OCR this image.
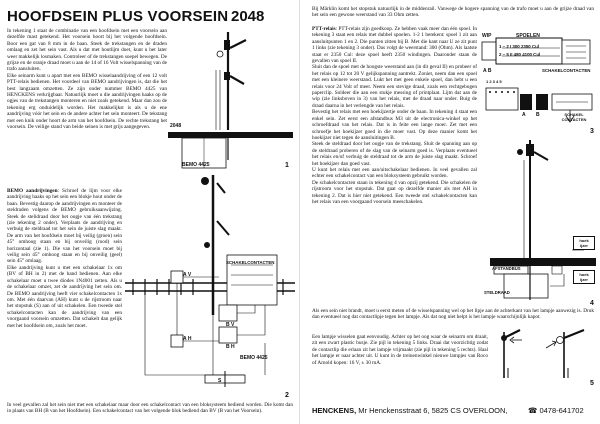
HOOFDSEIN PLUS VOORSEIN 2048

In tekening 1 staat de combinatie van een hoofdsein met een voorsein aan dezelfde mast getekend. Het voorsein hoort bij het volgende hoofdsein. Boor een gat van 8 mm in de baan. Steek de trekstangen en de draden omlaag en zet het sein vast. Als u dat met houtlijm doet, kunt u het later weer makkelijk losmaken. Controleer of de trekstangen soepel bewegen. De grijze en de oranje draad moet u aan de 14 of 16 Volt wisselspanning van de trafo aansluiten.

Elke seinarm kunt u apart met een BEMO wisselaandrijving of een 12 volt PTT-relais bedienen. Het voordeel van BEMO aandrijvingen is, dat die het best langzaam omzetten. Ze zijn onder nummer BEMO 4425 van HENCKENS verkrijgbaar. Natuurlijk moet u die aandrijvingen haaks op de ogjes van de trekstangen monteren en niet zoals getekend. Maar dan zou de tekening erg onduidelijk worden. Het makkelijkst is als u de ene aandrijving vóór het sein en de andere achter het sein monteert. De tekstang met een knik onder hoort de arm van het hoofdsein. De rechte trekstang het voorsein. De veilige stand van beide seinen is met grijs aangegeven.

BEMO aandrijvingen: Schroef de lijm voor elke aandrijving haaks op het sein een blokje hout onder de baan. Bevestig daarop de aandrijvingen en monteer de steldraden volgens de BEMO gebruiksaanwijzing. Steek de stelidraad door het oogje van één trekstang (zie tekening 2 onder). Verplaats de aandrijving en verbuig de steldraad tot het sein de juiste slag maakt. De arm van het hoofdsein moet bij veilig (groen) sein 45° omhoog staan en bij onveilig (rood) sein horizontaal (zie 1). Die van het voorsein moet bij veilig sein 45° omhoog staan en bij onveilig (geel) sein 45° omlaag.

Elke aandrijving kunt u met een schakelaar 1x om (BV of BH in 2) met de hand bedienen. Aan elke schakelaar moet u twee diodes 1N4001 zetten. Als u de schakelaar omzet, zet de aandrijving het sein om. De BEMO aandrijving heeft vier schakelcontacten 1x om. Met één daarvan (AH) kunt u de rijstroom naar het stopstuk (S) aan of uit schakelen. Een tweede stel schakelcontacten kan de aandrijving van een voorgaand voorsein omzetten. Dat schakelt dan gelijk met het hoofdsein om, zoals het moet.

In veel gevallen zal het sein niet met een schakelaar maar door een schakelcontact van een bloksysteem bediend worden. Die komt dan in plaats van BH (B van het Hoofdsein). Een schakelcontact van het volgende blok bediend dan BV (B van het Voorsein).
2048
BEMO 4425	1
SCHAKELCONTACTEN
A V
B V
A H
B H
S
BEMO 4425
2
Bij Märklin komt het stopstuk natuurlijk in de middenrail. Vanwege de hogere spanning van de trafo moet u aan de grijze draad van het sein een gewone weerstand van 33 Ohm zetten.

PTT-relais: PTT-relais zijn goedkoop. Ze hebben vaak meer dan één spoel. In tekening 3 staat een relais met dubbel spoelen. 1-2 1 betekent: spoel 1 zit aan aansluitpunten 1 en 2. Die punten zitten bij B. Met die kant naar U ze zit punt 1 links (zie tekening 3 onder). Das volgt de weerstand: 300 (Ohm). Als laatste staat er 2350 Cul: deze spoel heeft 2350 windingen. Daaronder staan de gevallen van spoel II.

Sluit dan de spoel met de hoogste weerstand aan (in dit geval II) en probeer of het relais op 12 tot 20 V gelijkspanning aantrekt. Zoniet, neem dan een spoel met een kleinere weerstand. Lukt het met geen enkele spoel, dan hebt u een relais voor 24 Volt of meer. Neem een stevige draad, zoals een rechtgebogen paperclip. Soldeer die aan een stukje messing of printplaat. Lijm dat aan de wip (zie linksboven in 3) van het relais, met de draad naar onder. Buig de draad daarna in het verlengde van het relais.

Bevestig het relais met een hoekijzertje onder de baan. In tekening 4 staat een enkel sein. Zet eerst een afstandbus M3 uit de electronica-winkel op het schroefdraad van het relais. Dat is in feite een lange moer. Zet met een schroefje het hoekijzer goed in die moer vast. Op deze manier komt het hoekijzer niet tegen de aansluitingen B.

Steek de steldraad door het oogje van de trekstang. Sluit de spanning aan op de steldraad proberen of de slag van de seinarm goed is. Verplaats eventueel het relais en/of verbuig de steldraad tot de arm de juiste slag maakt. Schroef het hoekijzer dan goed vast.

U kunt het relais met een aan/uitschakelaar bedienen. In veel gevallen zal echter een schakelcontact van een bloksysteem gebruikt worden.

De schakelcontacten staan in tekening 4 van opzij getekend. Die schakelen de rijstroom voor het stopstuk. Dat gaat op dezelfde manier als met AH in tekening 2. Dat is hier niet getekend. Een tweede stel schakelcontacten kan het relais van een voorgaand voorsein meeschakelen.

Als een sein niet brandt, moet u eerst meten of de wisselspanning wel op het lipje aan de achterkant van het lampje aanwezig is. Druk dan eventueel nog dat contactlipje tegen het lampje. Als dat nog niet helpt is het lampje waarschijnlijk kapot.
Een lampje wisselen gaat eenvoudig. Achter op het oog waar de seinarm om draait, zit een zwart plastic busje. Zie pijl in tekening 5 links. Draai dat voorzichtig zodat de contactlip die erlaan zit het lampje vrijmaakt (zie pijl in tekening 5 rechts). Haal het lampje er naar achter uit. U kunt in de treinenwinkel nieuwe lampjes van Roco of Arnold kopen: 16 V, ± 30 mA.
WIP	SPOELEN
1 – 2 I 300 2350 Cul
2 – 5 II 480 4100 Cul
A B	SCHAKELCONTACTEN
1 2 3 4 5
A B	SCHAKEL CONTACTEN
3
hoek ijzer
AFSTANDBUS
STELDRAAD
hoek ijzer
4
5
HENCKENS, Mr Henckensstraat 6, 5825 CS OVERLOON,	☎ 0478-641702
